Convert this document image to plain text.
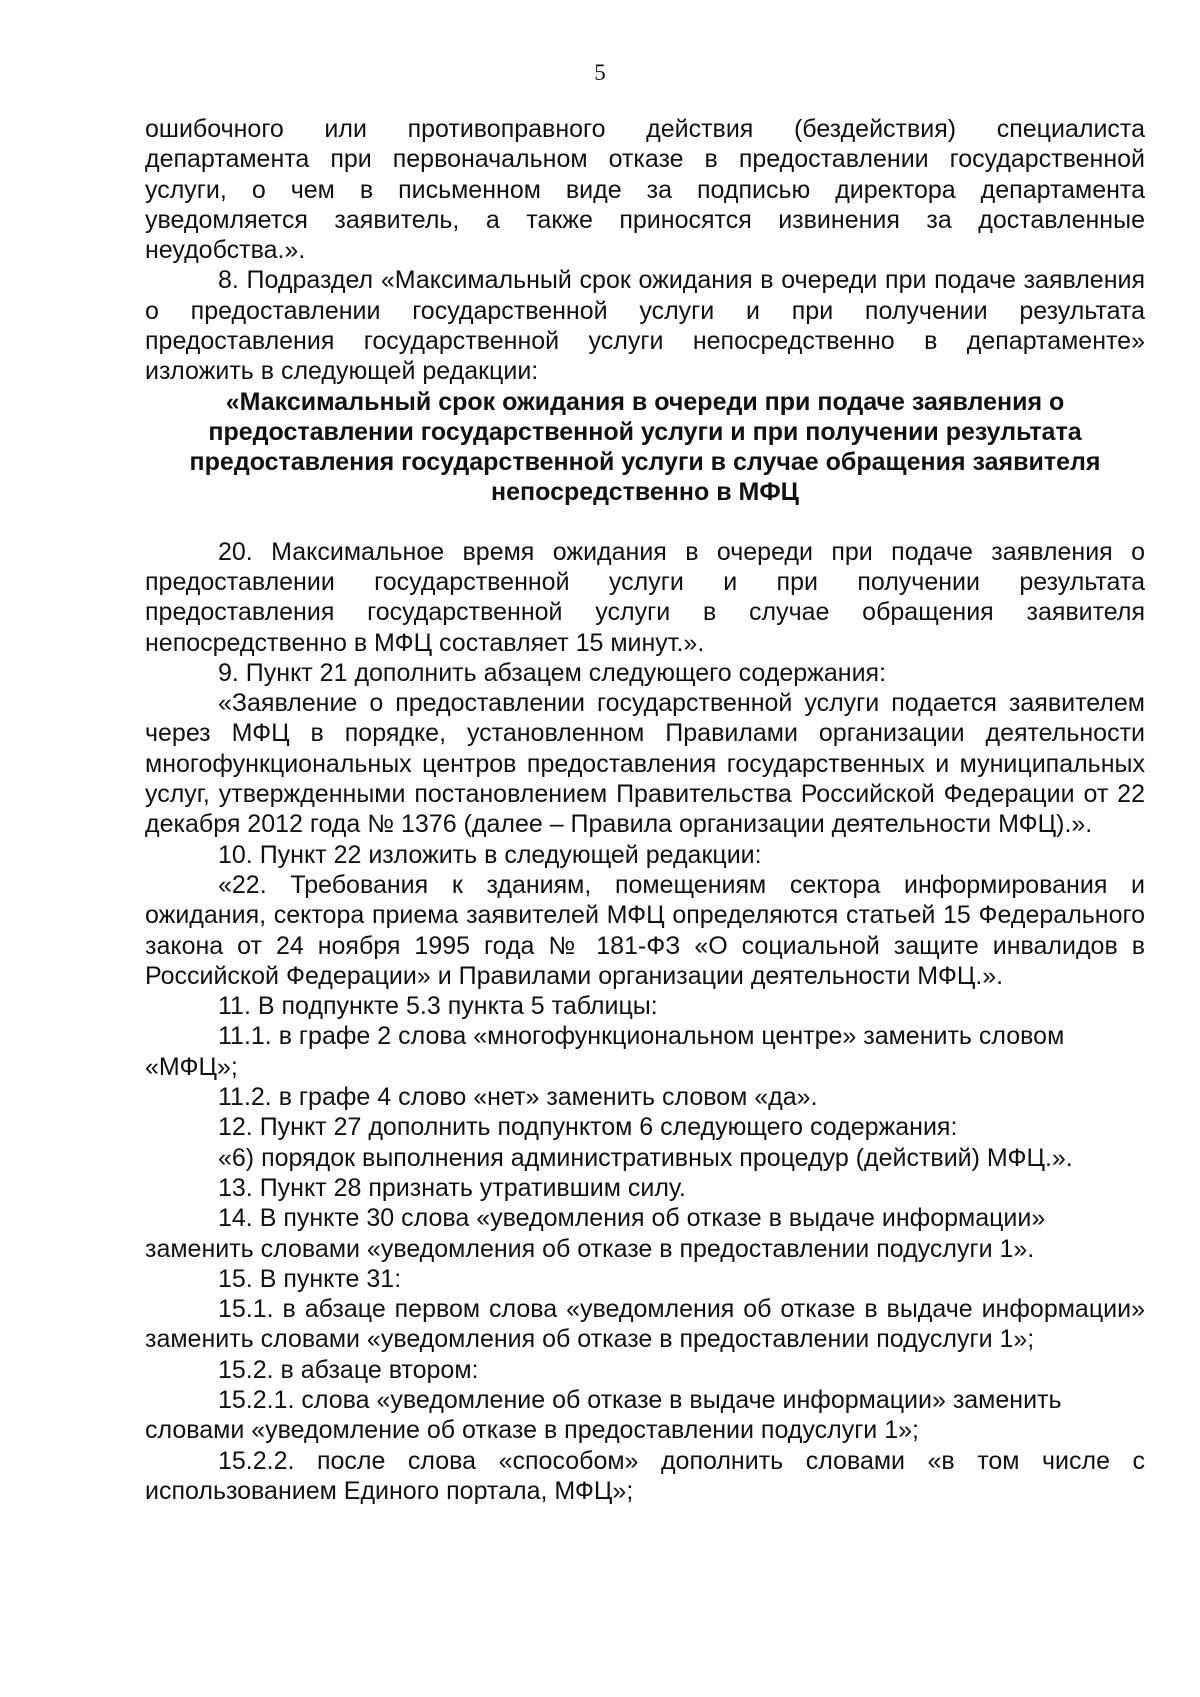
5

ошибочного или противоправного действия (бездействия) специалиста департамента при первоначальном отказе в предоставлении государственной услуги, о чем в письменном виде за подписью директора департамента уведомляется заявитель, а также приносятся извинения за доставленные неудобства.».

8. Подраздел «Максимальный срок ожидания в очереди при подаче заявления о предоставлении государственной услуги и при получении результата предоставления государственной услуги непосредственно в департаменте» изложить в следующей редакции:

«Максимальный срок ожидания в очереди при подаче заявления о предоставлении государственной услуги и при получении результата предоставления государственной услуги в случае обращения заявителя непосредственно в МФЦ

20. Максимальное время ожидания в очереди при подаче заявления о предоставлении государственной услуги и при получении результата предоставления государственной услуги в случае обращения заявителя непосредственно в МФЦ составляет 15 минут.».

9. Пункт 21 дополнить абзацем следующего содержания:

«Заявление о предоставлении государственной услуги подается заявителем через МФЦ в порядке, установленном Правилами организации деятельности многофункциональных центров предоставления государственных и муниципальных услуг, утвержденными постановлением Правительства Российской Федерации от 22 декабря 2012 года № 1376 (далее – Правила организации деятельности МФЦ).».

10. Пункт 22 изложить в следующей редакции:

«22. Требования к зданиям, помещениям сектора информирования и ожидания, сектора приема заявителей МФЦ определяются статьей 15 Федерального закона от 24 ноября 1995 года № 181-ФЗ «О социальной защите инвалидов в Российской Федерации» и Правилами организации деятельности МФЦ.».

11. В подпункте 5.3 пункта 5 таблицы:

11.1. в графе 2 слова «многофункциональном центре» заменить словом «МФЦ»;

11.2. в графе 4 слово «нет» заменить словом «да».

12. Пункт 27 дополнить подпунктом 6 следующего содержания:

«6) порядок выполнения административных процедур (действий) МФЦ.».

13. Пункт 28 признать утратившим силу.

14. В пункте 30 слова «уведомления об отказе в выдаче информации» заменить словами «уведомления об отказе в предоставлении подуслуги 1».

15. В пункте 31:

15.1. в абзаце первом слова «уведомления об отказе в выдаче информации» заменить словами «уведомления об отказе в предоставлении подуслуги 1»;

15.2. в абзаце втором:

15.2.1. слова «уведомление об отказе в выдаче информации» заменить словами «уведомление об отказе в предоставлении подуслуги 1»;

15.2.2. после слова «способом» дополнить словами «в том числе с использованием Единого портала, МФЦ»;
